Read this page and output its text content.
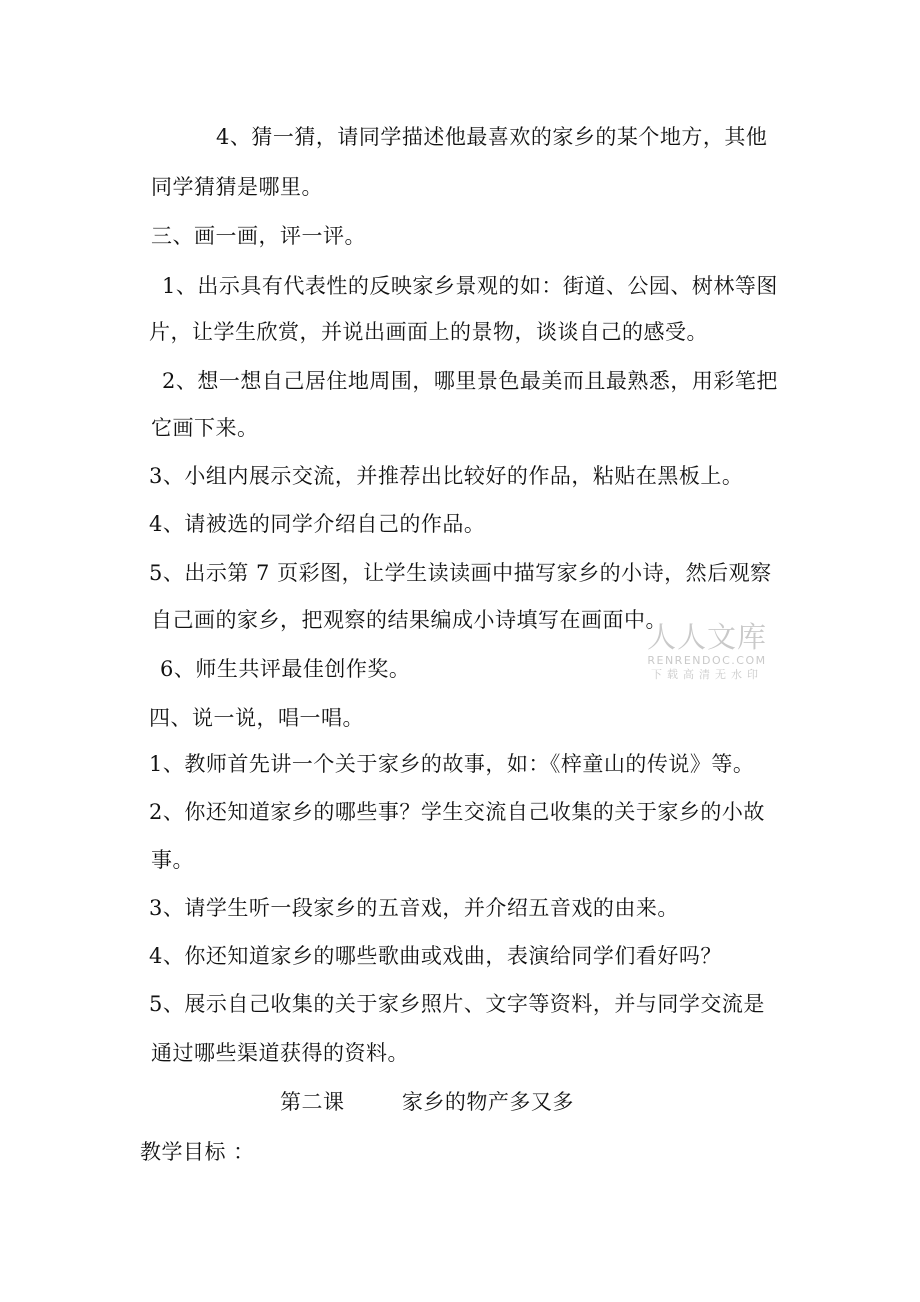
4、猜一猜，请同学描述他最喜欢的家乡的某个地方，其他
同学猜猜是哪里。
三、画一画，评一评。
1、出示具有代表性的反映家乡景观的如：街道、公园、树林等图
片，让学生欣赏，并说出画面上的景物，谈谈自己的感受。
2、想一想自己居住地周围，哪里景色最美而且最熟悉，用彩笔把
它画下来。
3、小组内展示交流，并推荐出比较好的作品，粘贴在黑板上。
4、请被选的同学介绍自己的作品。
5、出示第 7 页彩图，让学生读读画中描写家乡的小诗，然后观察
自己画的家乡，把观察的结果编成小诗填写在画面中。
6、师生共评最佳创作奖。
四、说一说，唱一唱。
1、教师首先讲一个关于家乡的故事，如：《梓童山的传说》等。
2、你还知道家乡的哪些事？学生交流自己收集的关于家乡的小故
事。
3、请学生听一段家乡的五音戏，并介绍五音戏的由来。
4、你还知道家乡的哪些歌曲或戏曲，表演给同学们看好吗？
5、展示自己收集的关于家乡照片、文字等资料，并与同学交流是
通过哪些渠道获得的资料。
第二课        家乡的物产多又多
教学目标 ：
人人文库
RENRENDOC.COM
下载高清无水印
